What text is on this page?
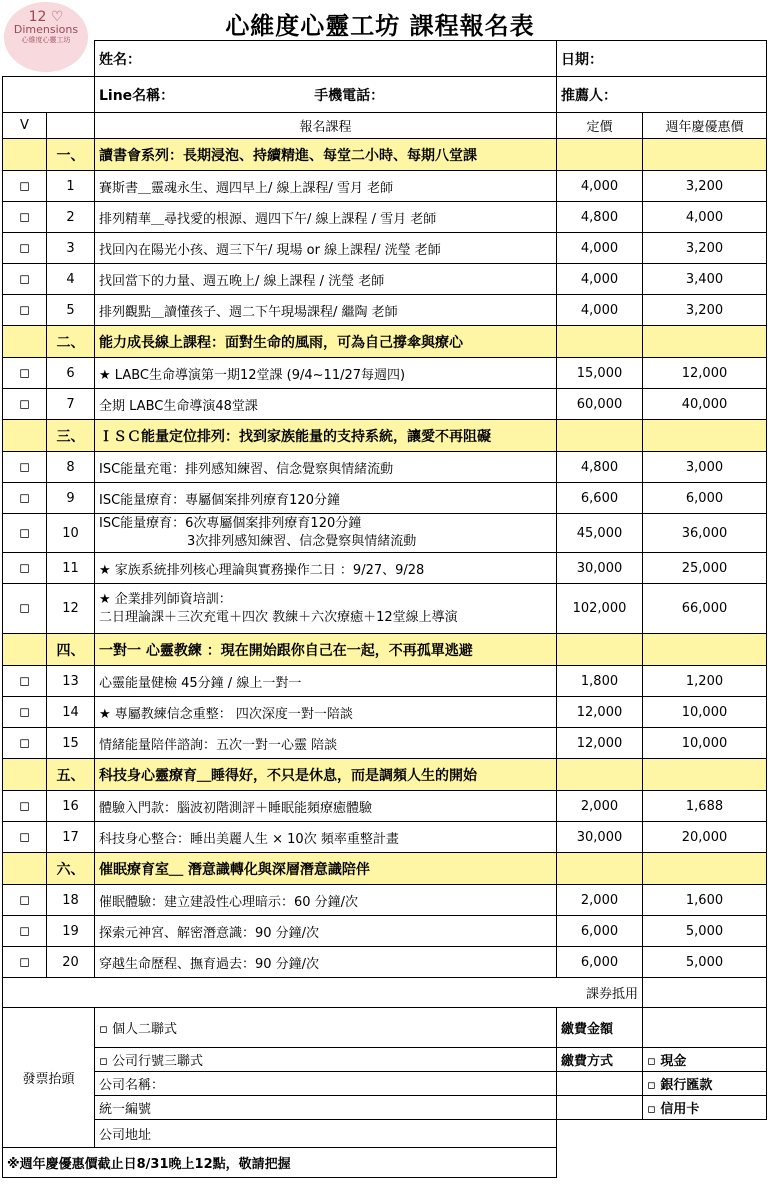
12 ♡
Dimensions
心維度心靈工坊	心維度心靈工坊 課程報名表
		姓名：	日期：	
		Line名稱： 手機電話：	推薦人：	
V		報名課程	定價	週年慶優惠價
	一、	讀書會系列：長期浸泡、持續精進、每堂二小時、每期八堂課		
◻	1	賽斯書＿靈魂永生、週四早上/ 線上課程/ 雪月 老師	4,000	3,200
◻	2	排列精華＿尋找愛的根源、週四下午/ 線上課程 / 雪月 老師	4,800	4,000
◻	3	找回內在陽光小孩、週三下午/ 現場 or 線上課程/ 洸瑩 老師	4,000	3,200
◻	4	找回當下的力量、週五晚上/ 線上課程 / 洸瑩 老師	4,000	3,400
◻	5	排列觀點＿讀懂孩子、週二下午現場課程/ 繼陶 老師	4,000	3,200
	二、	能力成長線上課程：面對生命的風雨，可為自己撐傘與療心		
◻	6	★ LABC生命導演第一期12堂課 (9/4~11/27每週四)	15,000	12,000
◻	7	全期 LABC生命導演48堂課	60,000	40,000
	三、	ＩＳＣ能量定位排列：找到家族能量的支持系統，讓愛不再阻礙		
◻	8	ISC能量充電：排列感知練習、信念覺察與情緒流動	4,800	3,000
◻	9	ISC能量療育：專屬個案排列療育120分鐘	6,600	6,000
◻	10	ISC能量療育：6次專屬個案排列療育120分鐘
3次排列感知練習、信念覺察與情緒流動	45,000	36,000
◻	11	★ 家族系統排列核心理論與實務操作二日 ：9/27、9/28	30,000	25,000
◻	12	★ 企業排列師資培訓：
二日理論課＋三次充電＋四次 教練＋六次療癒＋12堂線上導演	102,000	66,000
	四、	一對一 心靈教練 ：現在開始跟你自己在一起，不再孤單逃避		
◻	13	心靈能量健檢 45分鐘 / 線上一對一	1,800	1,200
◻	14	★ 專屬教練信念重整： 四次深度一對一陪談	12,000	10,000
◻	15	情緒能量陪伴諮詢：五次一對一心靈 陪談	12,000	10,000
	五、	科技身心靈療育＿睡得好，不只是休息，而是調頻人生的開始		
◻	16	體驗入門款：腦波初階測評＋睡眠能頻療癒體驗	2,000	1,688
◻	17	科技身心整合：睡出美麗人生 × 10次 頻率重整計畫	30,000	20,000
	六、	催眠療育室＿ 潛意識轉化與深層潛意識陪伴		
◻	18	催眠體驗：建立建設性心理暗示：60 分鐘/次	2,000	1,600
◻	19	探索元神宮、解密潛意識：90 分鐘/次	6,000	5,000
◻	20	穿越生命歷程、撫育過去：90 分鐘/次	6,000	5,000
課券抵用				
發票抬頭		▫ 個人二聯式	繳費金額	
		▫ 公司行號三聯式	繳費方式	▫ 現金
		公司名稱：		▫ 銀行匯款
		統一編號		▫ 信用卡
		公司地址		
※週年慶優惠價截止日8/31晚上12點，敬請把握				
